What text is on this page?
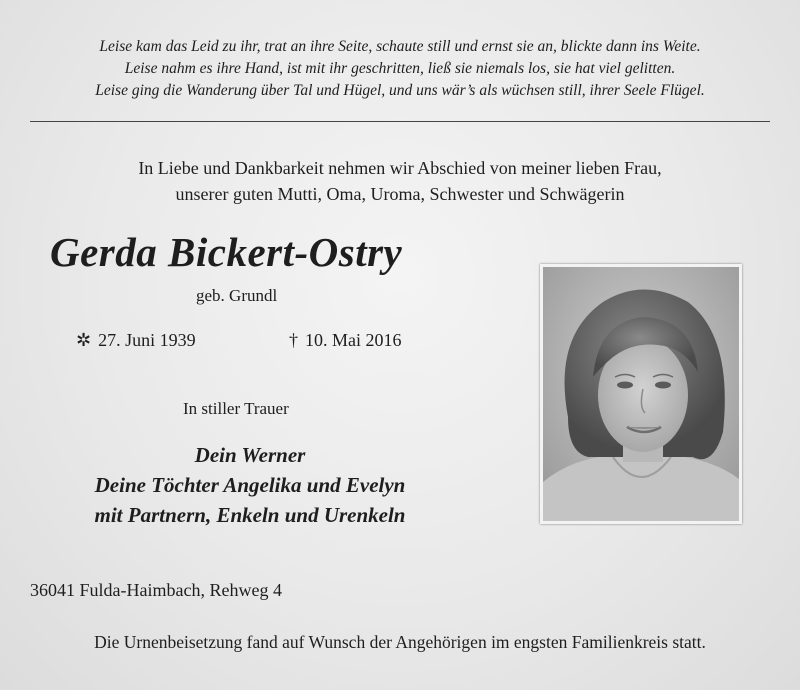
Leise kam das Leid zu ihr, trat an ihre Seite, schaute still und ernst sie an, blickte dann ins Weite.
Leise nahm es ihre Hand, ist mit ihr geschritten, ließ sie niemals los, sie hat viel gelitten.
Leise ging die Wanderung über Tal und Hügel, und uns wär’s als wüchsen still, ihrer Seele Flügel.
In Liebe und Dankbarkeit nehmen wir Abschied von meiner lieben Frau,
unserer guten Mutti, Oma, Uroma, Schwester und Schwägerin
Gerda Bickert-Ostry
geb. Grundl
✲ 27. Juni 1939	† 10. Mai 2016
In stiller Trauer
Dein Werner
Deine Töchter Angelika und Evelyn
mit Partnern, Enkeln und Urenkeln
36041 Fulda-Haimbach, Rehweg 4
Die Urnenbeisetzung fand auf Wunsch der Angehörigen im engsten Familienkreis statt.
